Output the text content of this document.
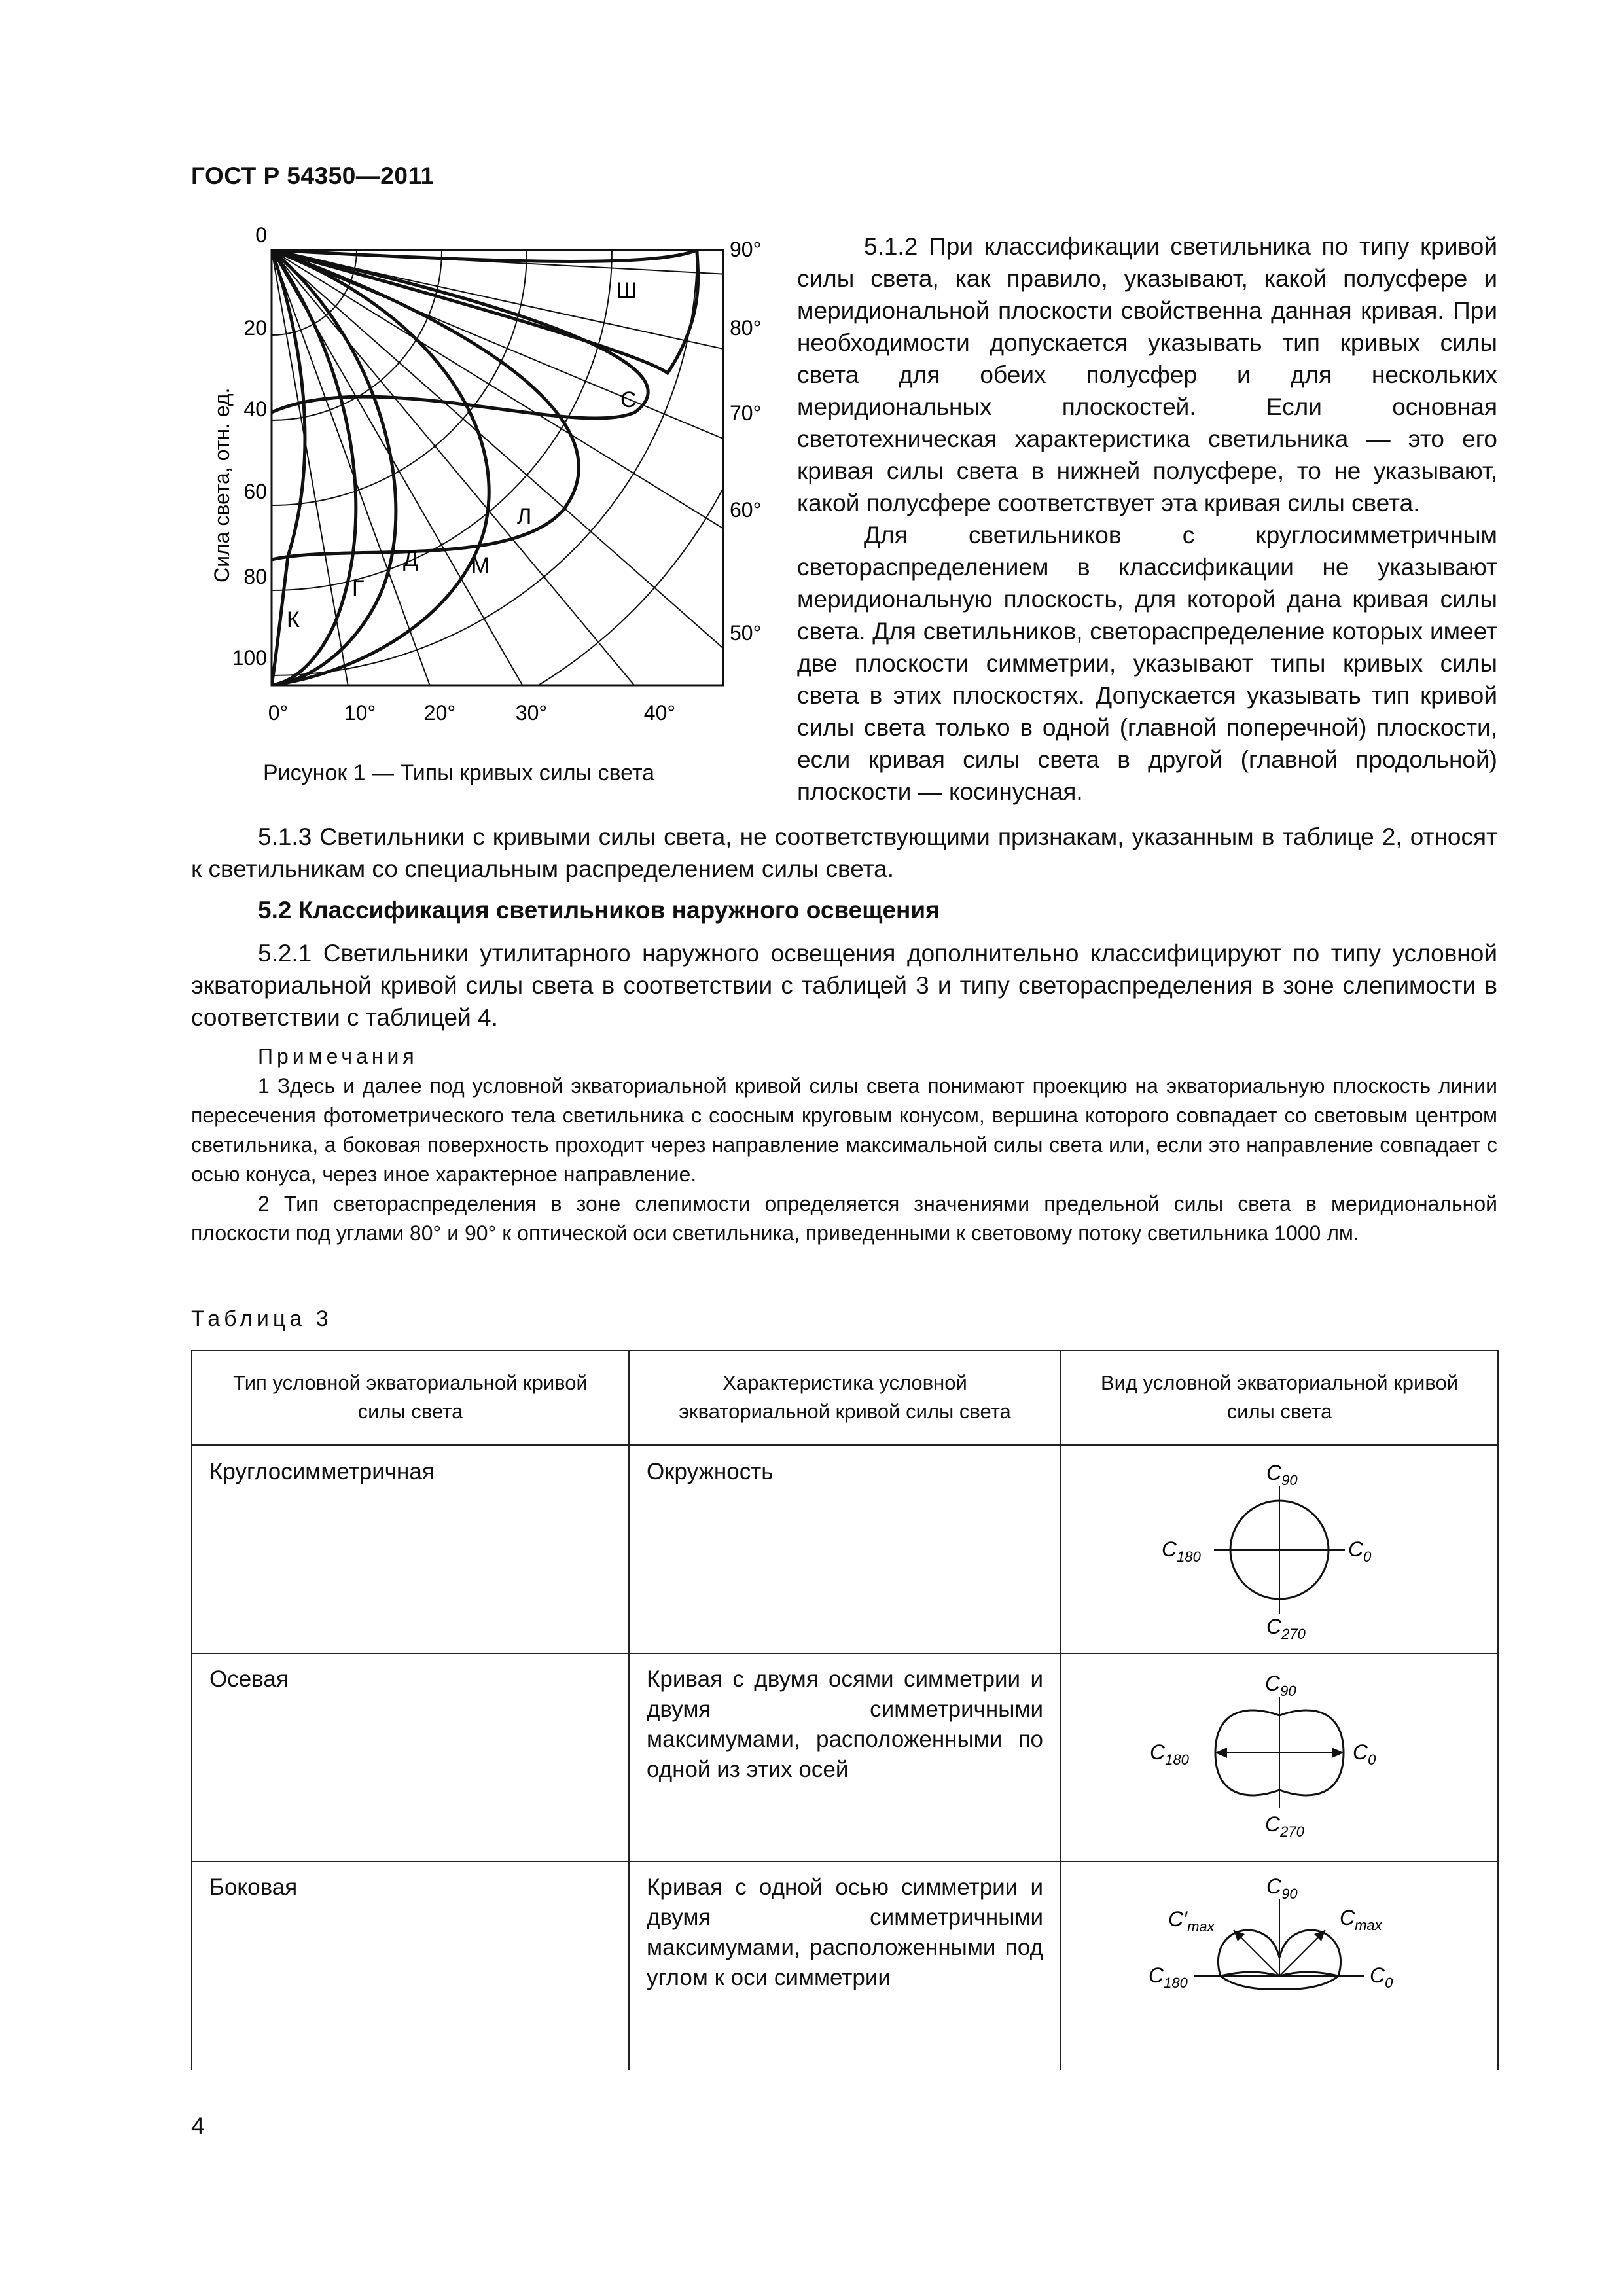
ГОСТ Р 54350—2011
Ш
С
Л
М
Д
Г
К
0
20
40
60
80
100
Сила света, отн. ед.
0°	10° 20°	30°	40°
90°
80°
70°
60°
50°
Рисунок 1 — Типы кривых силы света

5.1.2 При классификации светильника по типу кривой силы света, как правило, указывают, какой полусфере и меридиональной плоскости свойственна данная кривая. При необходимости допускается указывать тип кривых силы света для обеих полусфер и для нескольких меридиональных плоскостей. Если основная светотехническая характеристика светильника — это его кривая силы света в нижней полусфере, то не указывают, какой полусфере соответствует эта кривая силы света.

Для светильников с круглосимметричным светораспределением в классификации не указывают меридиональную плоскость, для которой дана кривая силы света. Для светильников, светораспределение которых имеет две плоскости симметрии, указывают типы кривых силы света в этих плоскостях. Допускается указывать тип кривой силы света только в одной (главной поперечной) плоскости, если кривая силы света в другой (главной продольной) плоскости — косинусная.

5.1.3 Светильники с кривыми силы света, не соответствующими признакам, указанным в таблице 2, относят к светильникам со специальным распределением силы света.

5.2 Классификация светильников наружного освещения

5.2.1 Светильники утилитарного наружного освещения дополнительно классифицируют по типу условной экваториальной кривой силы света в соответствии с таблицей 3 и типу светораспределения в зоне слепимости в соответствии с таблицей 4.

Примечания

1 Здесь и далее под условной экваториальной кривой силы света понимают проекцию на экваториальную плоскость линии пересечения фотометрического тела светильника с соосным круговым конусом, вершина которого совпадает со световым центром светильника, а боковая поверхность проходит через направление максимальной силы света или, если это направление совпадает с осью конуса, через иное характерное направление.

2 Тип светораспределения в зоне слепимости определяется значениями предельной силы света в меридиональной плоскости под углами 80° и 90° к оптической оси светильника, приведенными к световому потоку светильника 1000 лм.

Таблица 3
Тип условной экваториальной кривой силы света	Характеристика условной экваториальной кривой силы света	Вид условной экваториальной кривой силы света
Круглосимметричная	Окружность	$C_{90}$
$C_0$
$C_{180}$
$C_{270}$

Осевая	Кривая с двумя осями симметрии и двумя симметричными максимумами, расположенными по одной из этих осей	$C_{90}$
$C_0$
$C_{180}$
$C_{270}$

Боковая	Кривая с одной осью симметрии и двумя симметричными максимумами, расположенными под углом к оси симметрии	$C_{90}$
$C'_{max}$ $C_{max}$
$C_{180}$ $C_0$
4
